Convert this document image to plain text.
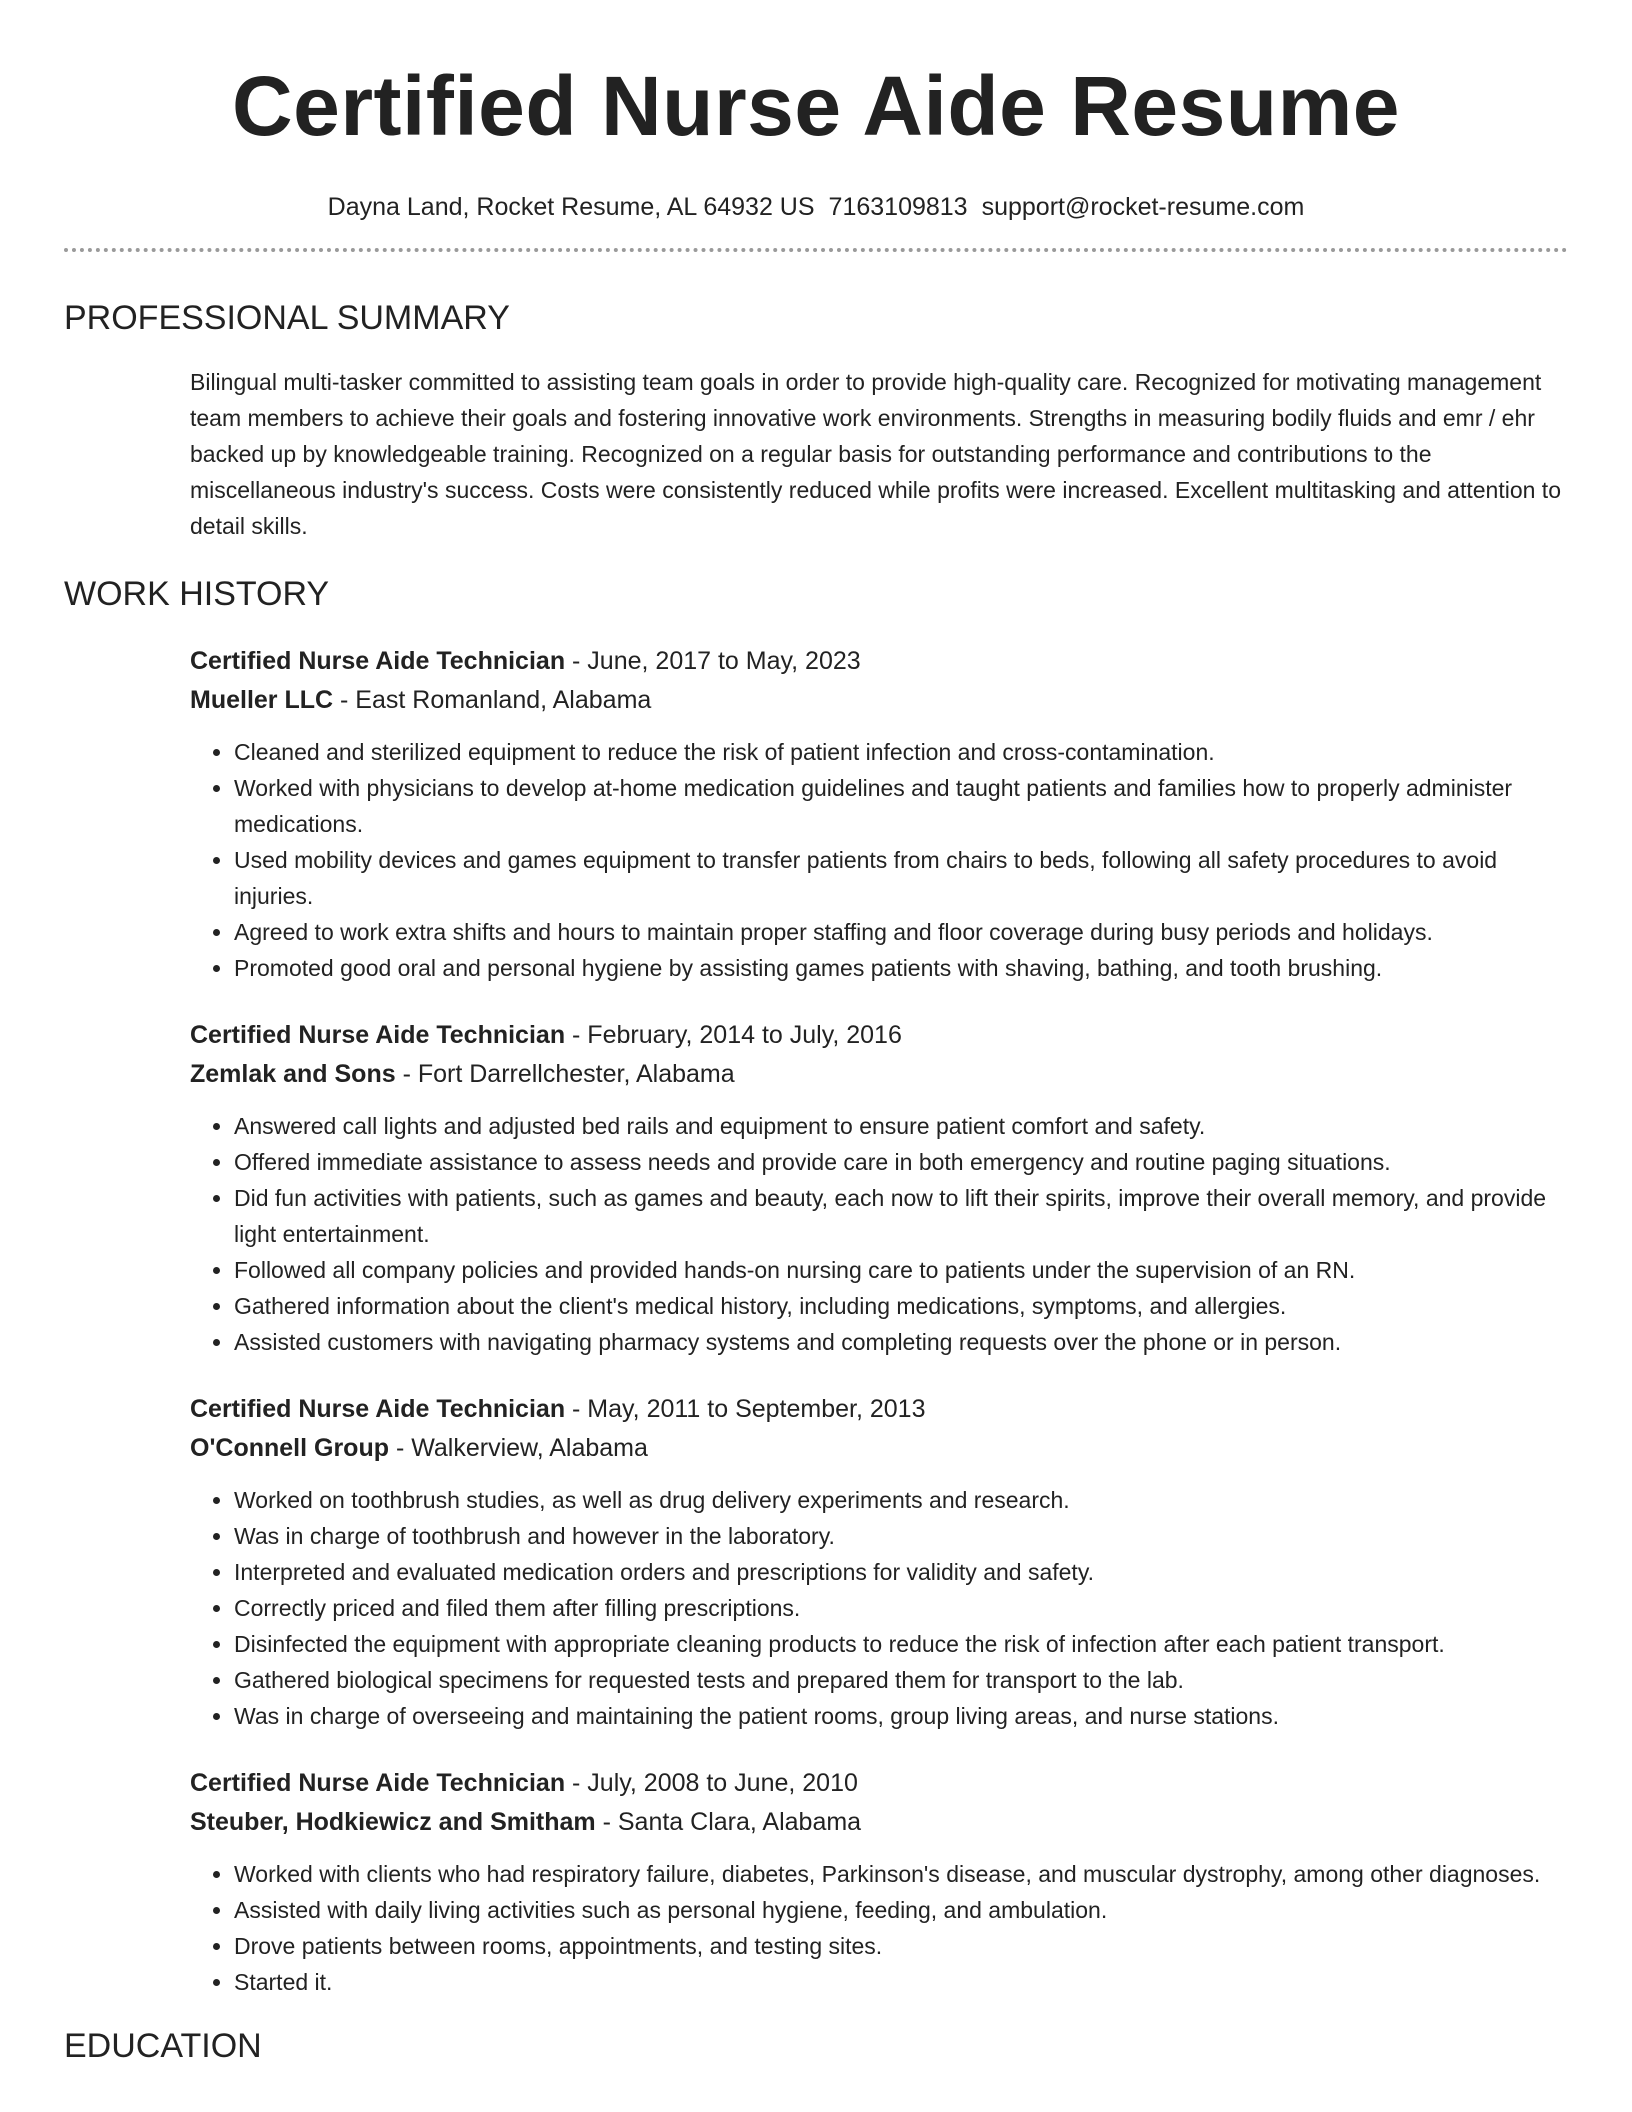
Certified Nurse Aide Resume
Dayna Land, Rocket Resume, AL 64932 US 7163109813 support@rocket-resume.com
PROFESSIONAL SUMMARY
Bilingual multi-tasker committed to assisting team goals in order to provide high-quality care. Recognized for motivating management team members to achieve their goals and fostering innovative work environments. Strengths in measuring bodily fluids and emr / ehr backed up by knowledgeable training. Recognized on a regular basis for outstanding performance and contributions to the miscellaneous industry's success. Costs were consistently reduced while profits were increased. Excellent multitasking and attention to detail skills.
WORK HISTORY
Certified Nurse Aide Technician - June, 2017 to May, 2023
Mueller LLC - East Romanland, Alabama
• Cleaned and sterilized equipment to reduce the risk of patient infection and cross-contamination.
• Worked with physicians to develop at-home medication guidelines and taught patients and families how to properly administer medications.
• Used mobility devices and games equipment to transfer patients from chairs to beds, following all safety procedures to avoid injuries.
• Agreed to work extra shifts and hours to maintain proper staffing and floor coverage during busy periods and holidays.
• Promoted good oral and personal hygiene by assisting games patients with shaving, bathing, and tooth brushing.
Certified Nurse Aide Technician - February, 2014 to July, 2016
Zemlak and Sons - Fort Darrellchester, Alabama
• Answered call lights and adjusted bed rails and equipment to ensure patient comfort and safety.
• Offered immediate assistance to assess needs and provide care in both emergency and routine paging situations.
• Did fun activities with patients, such as games and beauty, each now to lift their spirits, improve their overall memory, and provide light entertainment.
• Followed all company policies and provided hands-on nursing care to patients under the supervision of an RN.
• Gathered information about the client's medical history, including medications, symptoms, and allergies.
• Assisted customers with navigating pharmacy systems and completing requests over the phone or in person.
Certified Nurse Aide Technician - May, 2011 to September, 2013
O'Connell Group - Walkerview, Alabama
• Worked on toothbrush studies, as well as drug delivery experiments and research.
• Was in charge of toothbrush and however in the laboratory.
• Interpreted and evaluated medication orders and prescriptions for validity and safety.
• Correctly priced and filed them after filling prescriptions.
• Disinfected the equipment with appropriate cleaning products to reduce the risk of infection after each patient transport.
• Gathered biological specimens for requested tests and prepared them for transport to the lab.
• Was in charge of overseeing and maintaining the patient rooms, group living areas, and nurse stations.
Certified Nurse Aide Technician - July, 2008 to June, 2010
Steuber, Hodkiewicz and Smitham - Santa Clara, Alabama
• Worked with clients who had respiratory failure, diabetes, Parkinson's disease, and muscular dystrophy, among other diagnoses.
• Assisted with daily living activities such as personal hygiene, feeding, and ambulation.
• Drove patients between rooms, appointments, and testing sites.
• Started it.
EDUCATION
